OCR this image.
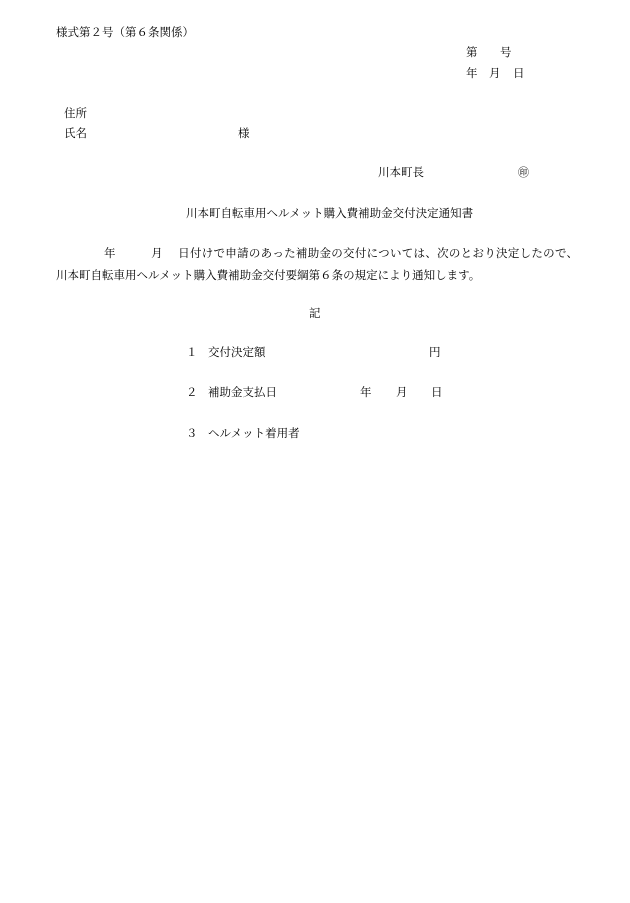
様式第２号（第６条関係）
第 号
年 月 日
住所
氏名	様
川本町長	㊞
川本町自転車用ヘルメット購入費補助金交付決定通知書
年	月 日付けで申請のあった補助金の交付については、次のとおり決定したので、川本町自転車用ヘルメット購入費補助金交付要綱第６条の規定により通知します。
記
１ 交付決定額	円
２ 補助金支払日	年 月 日
３ ヘルメット着用者
